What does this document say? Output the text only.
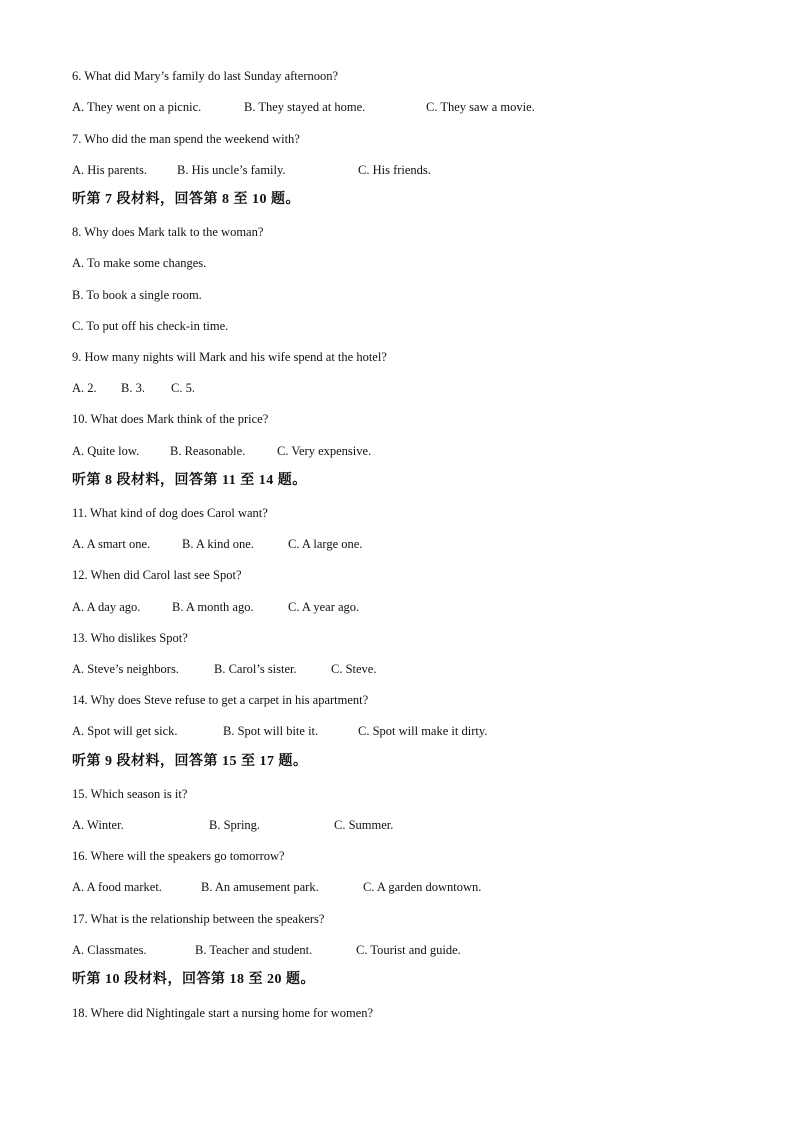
6. What did Mary’s family do last Sunday afternoon?

A. They went on a picnic.

	B. They stayed at home.

	C. They saw a movie.

7. Who did the man spend the weekend with?

A. His parents.

B. His uncle’s family.

	C. His friends.

听第 7 段材料，回答第 8 至 10 题。
8. Why does Mark talk to the woman?
A. To make some changes.
B. To book a single room.
C. To put off his check-in time.
9. How many nights will Mark and his wife spend at the hotel?

A. 2.

B. 3.

C. 5.

10. What does Mark think of the price?

A. Quite low.

B. Reasonable.

	C. Very expensive.

听第 8 段材料，回答第 11 至 14 题。
11. What kind of dog does Carol want?

A. A smart one.

	B. A kind one.

	C. A large one.

12. When did Carol last see Spot?

A. A day ago.

	B. A month ago.

	C. A year ago.

13. Who dislikes Spot?

A. Steve’s neighbors.

	B. Carol’s sister.

	C. Steve.

14. Why does Steve refuse to get a carpet in his apartment?

A. Spot will get sick.

	B. Spot will bite it.

	C. Spot will make it dirty.

听第 9 段材料，回答第 15 至 17 题。
15. Which season is it?

A. Winter.

	B. Spring.

	C. Summer.

16. Where will the speakers go tomorrow?

A. A food market.

	B. An amusement park.

	C. A garden downtown.

17. What is the relationship between the speakers?

A. Classmates.

	B. Teacher and student.

	C. Tourist and guide.

听第 10 段材料，回答第 18 至 20 题。
18. Where did Nightingale start a nursing home for women?
